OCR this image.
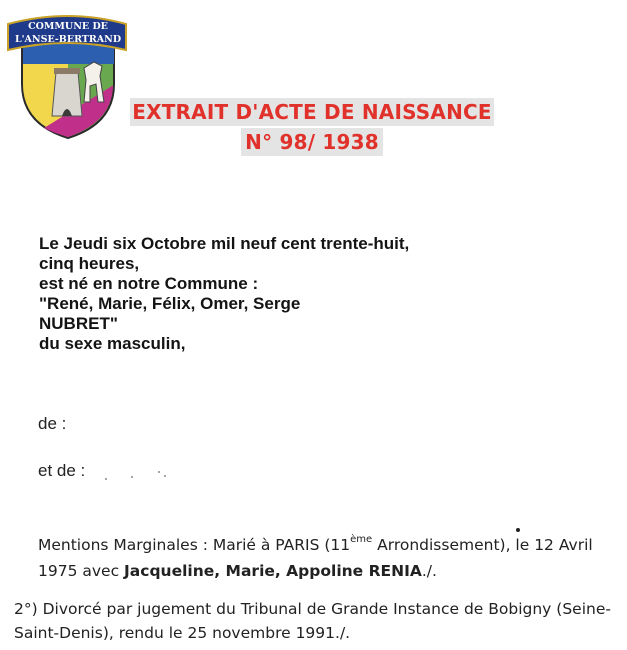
COMMUNE DE
L'ANSE-BERTRAND
EXTRAIT D'ACTE DE NAISSANCE
N° 98/ 1938
Le Jeudi six Octobre mil neuf cent trente-huit,
cinq heures,
est né en notre Commune :
"René, Marie, Félix, Omer, Serge
NUBRET"
du sexe masculin,
de :
et de :
Mentions Marginales : Marié à PARIS (11ème Arrondissement), le 12 Avril 1975 avec Jacqueline, Marie, Appoline RENIA./.
2°) Divorcé par jugement du Tribunal de Grande Instance de Bobigny (Seine-Saint-Denis), rendu le 25 novembre 1991./.
